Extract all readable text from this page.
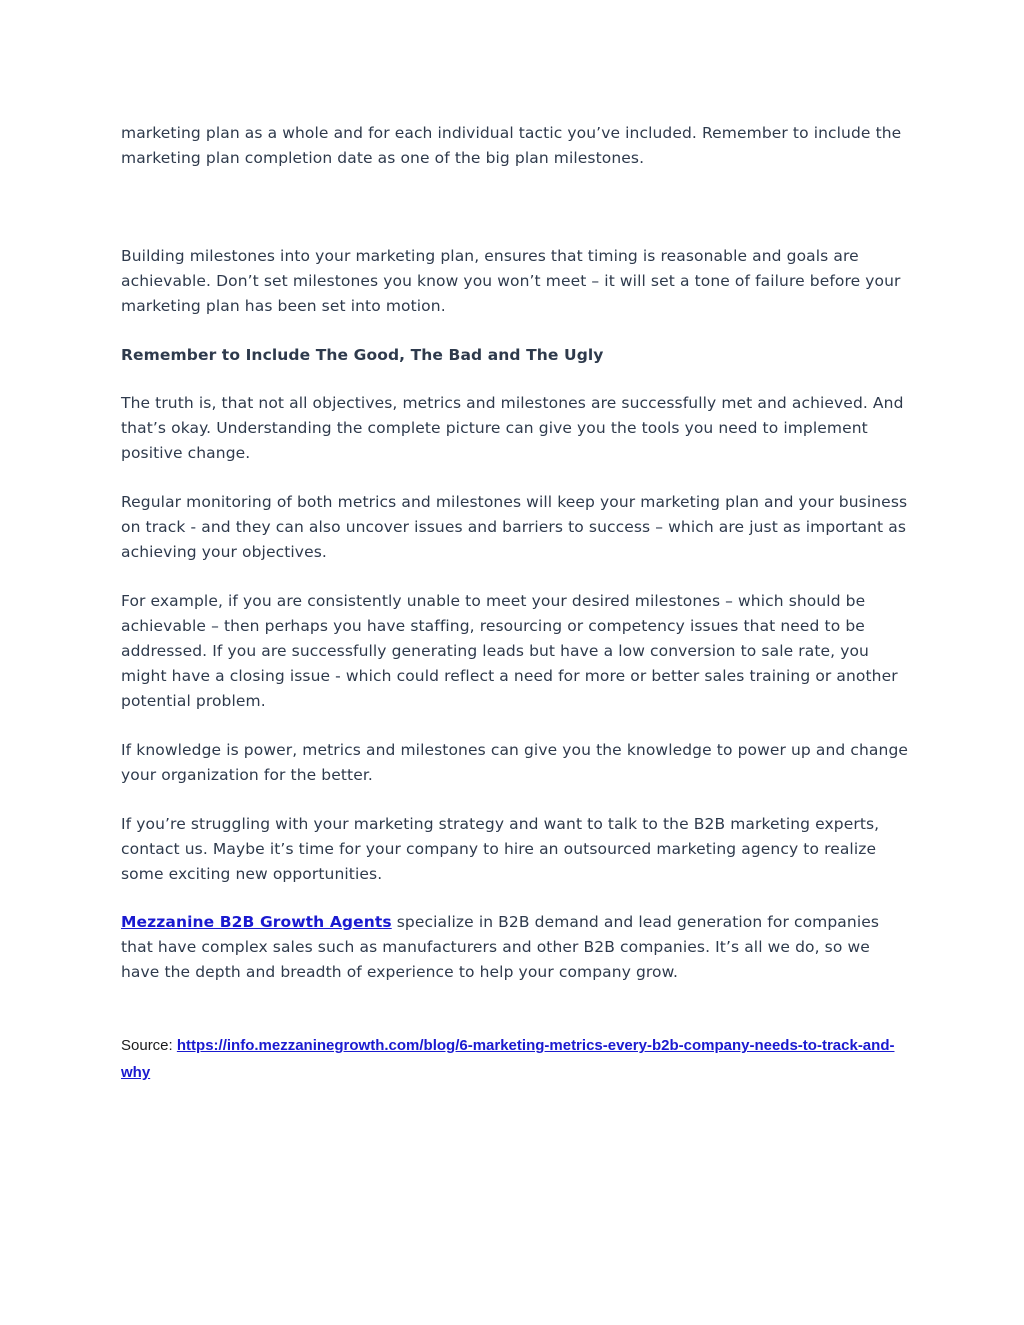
marketing plan as a whole and for each individual tactic you’ve included. Remember to include the marketing plan completion date as one of the big plan milestones.

Building milestones into your marketing plan, ensures that timing is reasonable and goals are achievable. Don’t set milestones you know you won’t meet – it will set a tone of failure before your marketing plan has been set into motion.

Remember to Include The Good, The Bad and The Ugly

The truth is, that not all objectives, metrics and milestones are successfully met and achieved. And that’s okay. Understanding the complete picture can give you the tools you need to implement positive change.

Regular monitoring of both metrics and milestones will keep your marketing plan and your business on track - and they can also uncover issues and barriers to success – which are just as important as achieving your objectives.

For example, if you are consistently unable to meet your desired milestones – which should be achievable – then perhaps you have staffing, resourcing or competency issues that need to be addressed. If you are successfully generating leads but have a low conversion to sale rate, you might have a closing issue - which could reflect a need for more or better sales training or another potential problem.

If knowledge is power, metrics and milestones can give you the knowledge to power up and change your organization for the better.

If you’re struggling with your marketing strategy and want to talk to the B2B marketing experts, contact us. Maybe it’s time for your company to hire an outsourced marketing agency to realize some exciting new opportunities.

Mezzanine B2B Growth Agents specialize in B2B demand and lead generation for companies that have complex sales such as manufacturers and other B2B companies. It’s all we do, so we have the depth and breadth of experience to help your company grow.

Source: https://info.mezzaninegrowth.com/blog/6-marketing-metrics-every-b2b-company-needs-to-track-and-why
